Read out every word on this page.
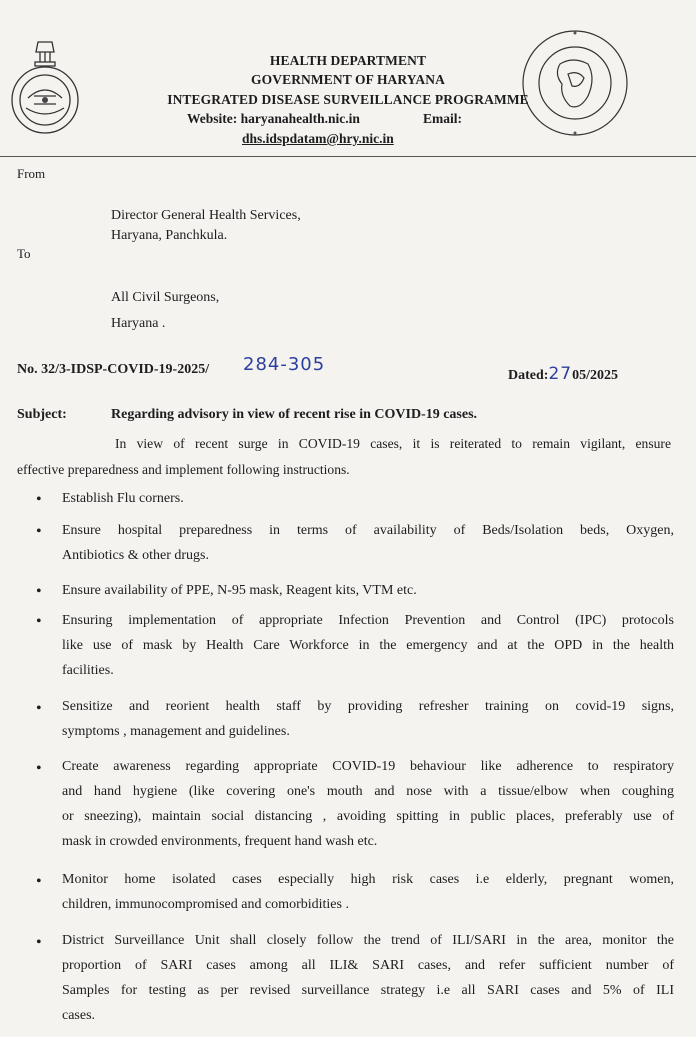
HEALTH DEPARTMENT
GOVERNMENT OF HARYANA
INTEGRATED DISEASE SURVEILLANCE PROGRAMME
Website: haryanahealth.nic.in	Email:
dhs.idspdatam@hry.nic.in
From
Director General Health Services,
Haryana, Panchkula.
To
All Civil Surgeons,
Haryana .
No. 32/3-IDSP-COVID-19-2025/ 284-305
Dated:2705/2025
Subject:	Regarding advisory in view of recent rise in COVID-19 cases.
In view of recent surge in COVID-19 cases, it is reiterated to remain vigilant, ensure
effective preparedness and implement following instructions.
• Establish Flu corners.
• Ensure hospital preparedness in terms of availability of Beds/Isolation beds, Oxygen,
Antibiotics & other drugs.
• Ensure availability of PPE, N-95 mask, Reagent kits, VTM etc.
• Ensuring implementation of appropriate Infection Prevention and Control (IPC) protocols
like use of mask by Health Care Workforce in the emergency and at the OPD in the health
facilities.
• Sensitize and reorient health staff by providing refresher training on covid-19 signs,
symptoms , management and guidelines.
• Create awareness regarding appropriate COVID-19 behaviour like adherence to respiratory
and hand hygiene (like covering one's mouth and nose with a tissue/elbow when coughing
or sneezing), maintain social distancing , avoiding spitting in public places, preferably use of
mask in crowded environments, frequent hand wash etc.
• Monitor home isolated cases especially high risk cases i.e elderly, pregnant women,
children, immunocompromised and comorbidities .
• District Surveillance Unit shall closely follow the trend of ILI/SARI in the area, monitor the
proportion of SARI cases among all ILI& SARI cases, and refer sufficient number of
Samples for testing as per revised surveillance strategy i.e all SARI cases and 5% of ILI
cases.
